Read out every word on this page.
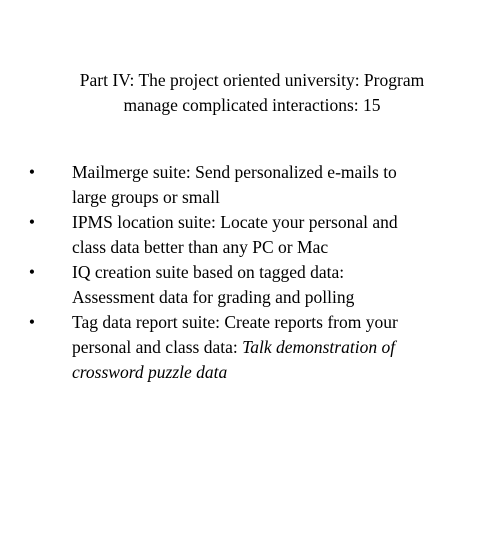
Part IV: The project oriented university: Program
manage complicated interactions: 15
• Mailmerge suite: Send personalized e-mails to
large groups or small
• IPMS location suite: Locate your personal and
class data better than any PC or Mac
• IQ creation suite based on tagged data:
Assessment data for grading and polling
• Tag data report suite: Create reports from your
personal and class data: Talk demonstration of
crossword puzzle data
